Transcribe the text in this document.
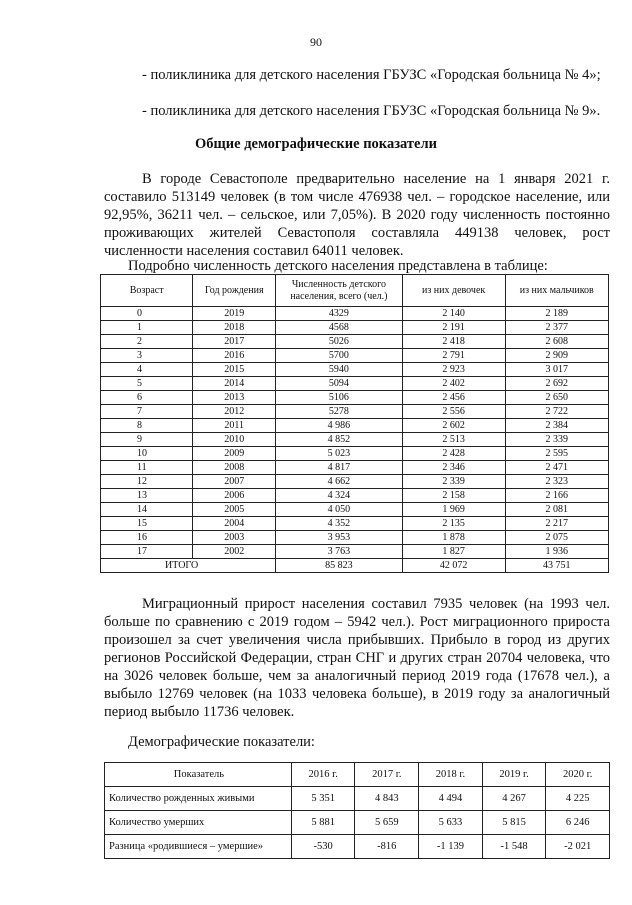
90
- поликлиника для детского населения ГБУЗС «Городская больница № 4»;
- поликлиника для детского населения ГБУЗС «Городская больница № 9».
Общие демографические показатели
В городе Севастополе предварительно население на 1 января 2021 г. составило 513149 человек (в том числе 476938 чел. – городское население, или 92,95%, 36211 чел. – сельское, или 7,05%). В 2020 году численность постоянно проживающих жителей Севастополя составляла 449138 человек, рост численности населения составил 64011 человек.
Подробно численность детского населения представлена в таблице:
Возраст	Год рождения	Численность детского населения, всего (чел.)	из них девочек	из них мальчиков
0	2019	4329	2 140	2 189
1	2018	4568	2 191	2 377
2	2017	5026	2 418	2 608
3	2016	5700	2 791	2 909
4	2015	5940	2 923	3 017
5	2014	5094	2 402	2 692
6	2013	5106	2 456	2 650
7	2012	5278	2 556	2 722
8	2011	4 986	2 602	2 384
9	2010	4 852	2 513	2 339
10	2009	5 023	2 428	2 595
11	2008	4 817	2 346	2 471
12	2007	4 662	2 339	2 323
13	2006	4 324	2 158	2 166
14	2005	4 050	1 969	2 081
15	2004	4 352	2 135	2 217
16	2003	3 953	1 878	2 075
17	2002	3 763	1 827	1 936
ИТОГО		85 823	42 072	43 751
Миграционный прирост населения составил 7935 человек (на 1993 чел. больше по сравнению с 2019 годом – 5942 чел.). Рост миграционного прироста произошел за счет увеличения числа прибывших. Прибыло в город из других регионов Российской Федерации, стран СНГ и других стран 20704 человека, что на 3026 человек больше, чем за аналогичный период 2019 года (17678 чел.), а выбыло 12769 человек (на 1033 человека больше), в 2019 году за аналогичный период выбыло 11736 человек.
Демографические показатели:
Показатель	2016 г.	2017 г.	2018 г.	2019 г.	2020 г.
Количество рожденных живыми	5 351	4 843	4 494	4 267	4 225
Количество умерших	5 881	5 659	5 633	5 815	6 246
Разница «родившиеся – умершие»	-530	-816	-1 139	-1 548	-2 021
